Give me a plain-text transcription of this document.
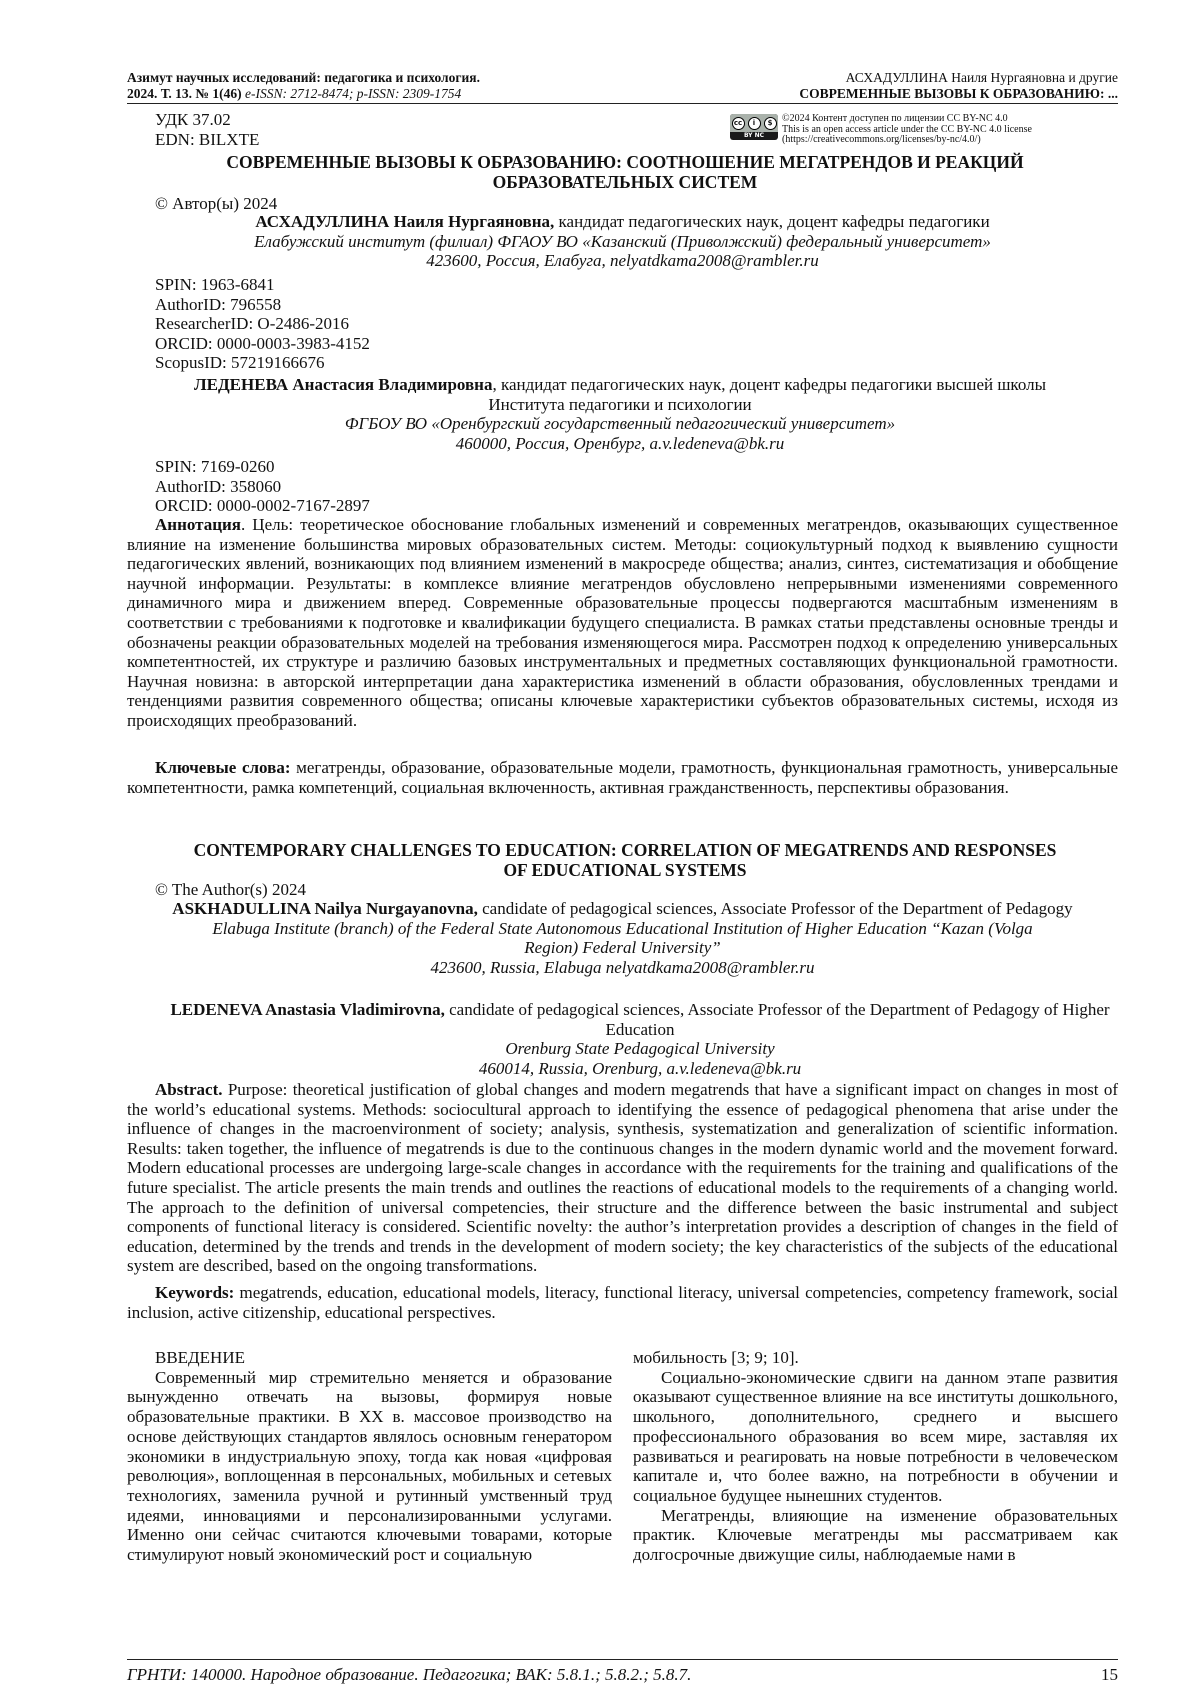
Азимут научных исследований: педагогика и психология.
2024. Т. 13. № 1(46) e-ISSN: 2712-8474; p-ISSN: 2309-1754
АСХАДУЛЛИНА Наиля Нургаяновна и другие
СОВРЕМЕННЫЕ ВЫЗОВЫ К ОБРАЗОВАНИЮ: ...
УДК 37.02
EDN: BILXTE
cc	i	$
BY NC
©2024 Контент доступен по лицензии CC BY-NC 4.0
This is an open access article under the CC BY-NC 4.0 license
(https://creativecommons.org/licenses/by-nc/4.0/)
СОВРЕМЕННЫЕ ВЫЗОВЫ К ОБРАЗОВАНИЮ: СООТНОШЕНИЕ МЕГАТРЕНДОВ И РЕАКЦИЙ ОБРАЗОВАТЕЛЬНЫХ СИСТЕМ
© Автор(ы) 2024
АСХАДУЛЛИНА Наиля Нургаяновна, кандидат педагогических наук, доцент кафедры педагогики
Елабужский институт (филиал) ФГАОУ ВО «Казанский (Приволжский) федеральный университет»
423600, Россия, Елабуга, nelyatdkama2008@rambler.ru
SPIN: 1963-6841
AuthorID: 796558
ResearcherID: O-2486-2016
ORCID: 0000-0003-3983-4152
ScopusID: 57219166676
ЛЕДЕНЕВА Анастасия Владимировна, кандидат педагогических наук, доцент кафедры педагогики высшей школы Института педагогики и психологии
ФГБОУ ВО «Оренбургский государственный педагогический университет»
460000, Россия, Оренбург, a.v.ledeneva@bk.ru
SPIN: 7169-0260
AuthorID: 358060
ORCID: 0000-0002-7167-2897
Аннотация. Цель: теоретическое обоснование глобальных изменений и современных мегатрендов, оказывающих существенное влияние на изменение большинства мировых образовательных систем. Методы: социокультурный подход к выявлению сущности педагогических явлений, возникающих под влиянием изменений в макросреде общества; анализ, синтез, систематизация и обобщение научной информации. Результаты: в комплексе влияние мегатрендов обусловлено непрерывными изменениями современного динамичного мира и движением вперед. Современные образовательные процессы подвергаются масштабным изменениям в соответствии с требованиями к подготовке и квалификации будущего специалиста. В рамках статьи представлены основные тренды и обозначены реакции образовательных моделей на требования изменяющегося мира. Рассмотрен подход к определению универсальных компетентностей, их структуре и различию базовых инструментальных и предметных составляющих функциональной грамотности. Научная новизна: в авторской интерпретации дана характеристика изменений в области образования, обусловленных трендами и тенденциями развития современного общества; описаны ключевые характеристики субъектов образовательных системы, исходя из происходящих преобразований.
Ключевые слова: мегатренды, образование, образовательные модели, грамотность, функциональная грамотность, универсальные компетентности, рамка компетенций, социальная включенность, активная гражданственность, перспективы образования.
CONTEMPORARY CHALLENGES TO EDUCATION: CORRELATION OF MEGATRENDS AND RESPONSES OF EDUCATIONAL SYSTEMS
© The Author(s) 2024
ASKHADULLINA Nailya Nurgayanovna, candidate of pedagogical sciences, Associate Professor of the Department of Pedagogy
Elabuga Institute (branch) of the Federal State Autonomous Educational Institution of Higher Education “Kazan (Volga Region) Federal University”
423600, Russia, Elabuga nelyatdkama2008@rambler.ru
LEDENEVA Anastasia Vladimirovna, candidate of pedagogical sciences, Associate Professor of the Department of Pedagogy of Higher Education
Orenburg State Pedagogical University
460014, Russia, Orenburg, a.v.ledeneva@bk.ru
Abstract. Purpose: theoretical justification of global changes and modern megatrends that have a significant impact on changes in most of the world’s educational systems. Methods: sociocultural approach to identifying the essence of pedagogical phenomena that arise under the influence of changes in the macroenvironment of society; analysis, synthesis, systematization and generalization of scientific information. Results: taken together, the influence of megatrends is due to the continuous changes in the modern dynamic world and the movement forward. Modern educational processes are undergoing large-scale changes in accordance with the requirements for the training and qualifications of the future specialist. The article presents the main trends and outlines the reactions of educational models to the requirements of a changing world. The approach to the definition of universal competencies, their structure and the difference between the basic instrumental and subject components of functional literacy is considered. Scientific novelty: the author’s interpretation provides a description of changes in the field of education, determined by the trends and trends in the development of modern society; the key characteristics of the subjects of the educational system are described, based on the ongoing transformations.
Keywords: megatrends, education, educational models, literacy, functional literacy, universal competencies, competency framework, social inclusion, active citizenship, educational perspectives.

ВВЕДЕНИЕ

Современный мир стремительно меняется и образование вынужденно отвечать на вызовы, формируя новые образовательные практики. В XX в. массовое производство на основе действующих стандартов являлось основным генератором экономики в индустриальную эпоху, тогда как новая «цифровая революция», воплощенная в персональных, мобильных и сетевых технологиях, заменила ручной и рутинный умственный труд идеями, инновациями и персонализированными услугами. Именно они сейчас считаются ключевыми товарами, которые стимулируют новый экономический рост и социальную

мобильность [3; 9; 10].

Социально-экономические сдвиги на данном этапе развития оказывают существенное влияние на все институты дошкольного, школьного, дополнительного, среднего и высшего профессионального образования во всем мире, заставляя их развиваться и реагировать на новые потребности в человеческом капитале и, что более важно, на потребности в обучении и социальное будущее нынешних студентов.

Мегатренды, влияющие на изменение образовательных практик. Ключевые мегатренды мы рассматриваем как долгосрочные движущие силы, наблюдаемые нами в

ГРНТИ: 140000. Народное образование. Педагогика; ВАК: 5.8.1.; 5.8.2.; 5.8.7.	15
